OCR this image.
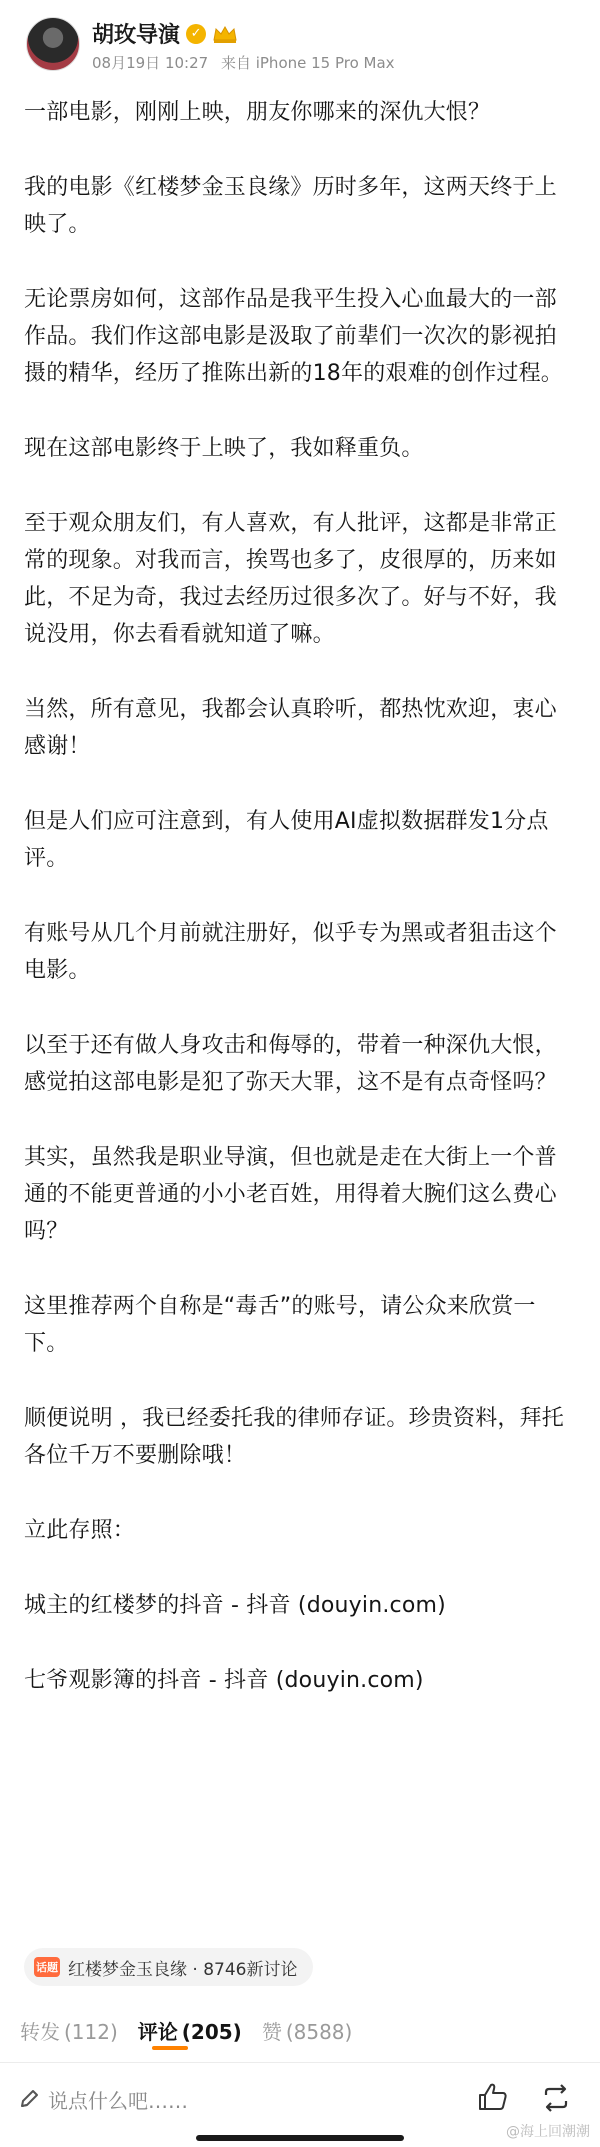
胡玫导演 ✓
08月19日 10:27 来自 iPhone 15 Pro Max

一部电影，刚刚上映，朋友你哪来的深仇大恨？

我的电影《红楼梦金玉良缘》历时多年，这两天终于上映了。

无论票房如何，这部作品是我平生投入心血最大的一部作品。我们作这部电影是汲取了前辈们一次次的影视拍摄的精华，经历了推陈出新的18年的艰难的创作过程。

现在这部电影终于上映了，我如释重负。

至于观众朋友们，有人喜欢，有人批评，这都是非常正常的现象。对我而言，挨骂也多了，皮很厚的，历来如此，不足为奇，我过去经历过很多次了。好与不好，我说没用，你去看看就知道了嘛。

当然，所有意见，我都会认真聆听，都热忱欢迎，衷心感谢！

但是人们应可注意到，有人使用AI虚拟数据群发1分点评。

有账号从几个月前就注册好，似乎专为黑或者狙击这个电影。

以至于还有做人身攻击和侮辱的，带着一种深仇大恨，感觉拍这部电影是犯了弥天大罪，这不是有点奇怪吗？

其实，虽然我是职业导演，但也就是走在大街上一个普通的不能更普通的小小老百姓，用得着大腕们这么费心吗？

这里推荐两个自称是“毒舌”的账号，请公众来欣赏一下。

顺便说明 ，我已经委托我的律师存证。珍贵资料，拜托各位千万不要删除哦！

立此存照：

城主的红楼梦的抖音 - 抖音 (douyin.com)

七爷观影簿的抖音 - 抖音 (douyin.com)

话题 红楼梦金玉良缘 · 8746新讨论
转发 (112) 评论 (205) 赞 (8588)
说点什么吧……
@海上回潮潮
